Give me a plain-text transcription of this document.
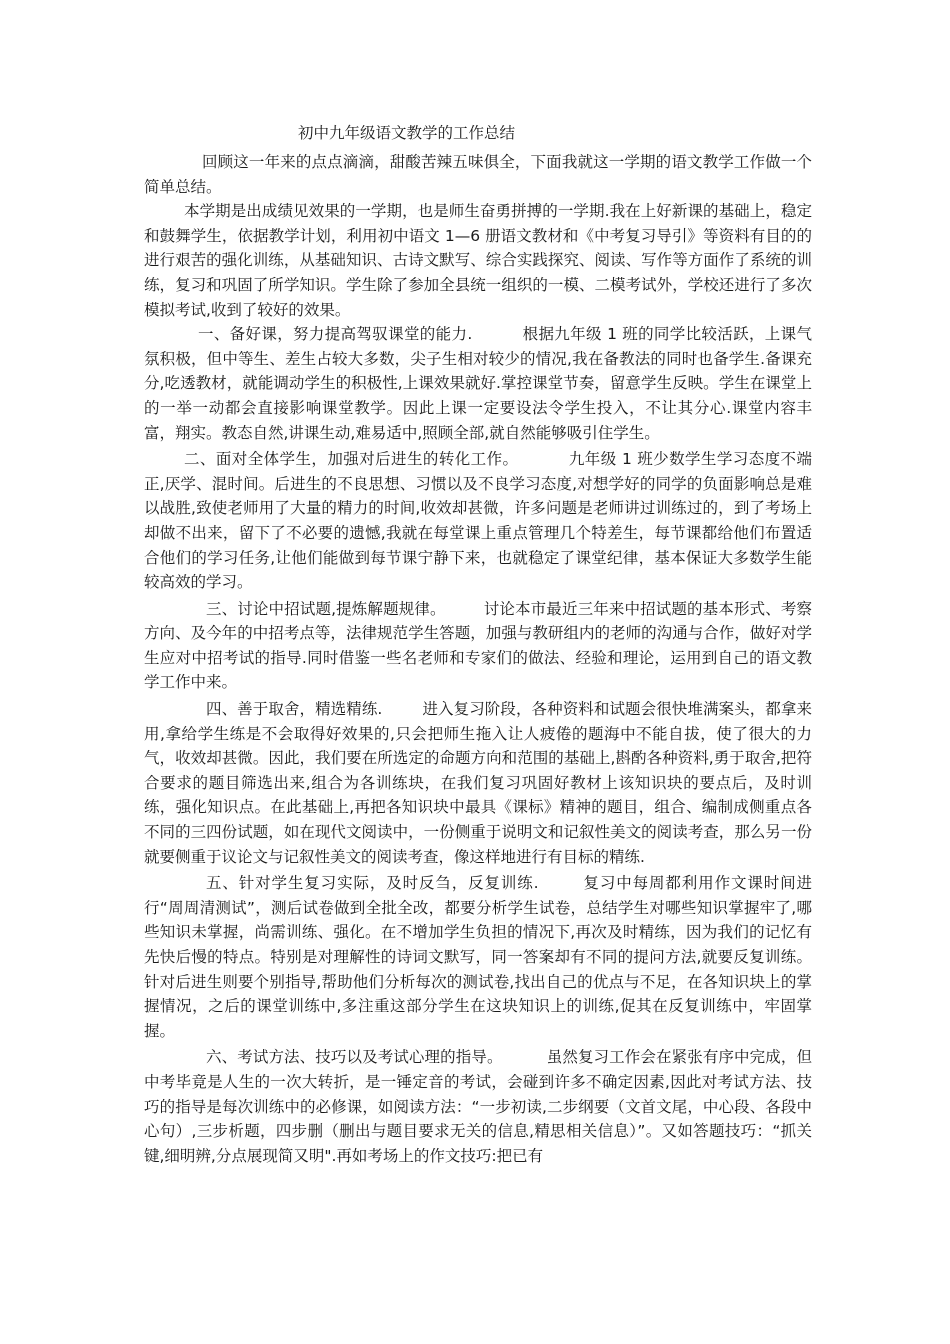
初中九年级语文教学的工作总结

回顾这一年来的点点滴滴，甜酸苦辣五味俱全，下面我就这一学期的语文教学工作做一个简单总结。

本学期是出成绩见效果的一学期，也是师生奋勇拼搏的一学期.我在上好新课的基础上，稳定和鼓舞学生，依据教学计划，利用初中语文 1—6 册语文教材和《中考复习导引》等资料有目的的进行艰苦的强化训练，从基础知识、古诗文默写、综合实践探究、阅读、写作等方面作了系统的训练，复习和巩固了所学知识。学生除了参加全县统一组织的一模、二模考试外，学校还进行了多次模拟考试,收到了较好的效果。

一、备好课，努力提高驾驭课堂的能力.	根据九年级 1 班的同学比较活跃，上课气氛积极，但中等生、差生占较大多数，尖子生相对较少的情况,我在备教法的同时也备学生.备课充分,吃透教材，就能调动学生的积极性,上课效果就好.掌控课堂节奏，留意学生反映。学生在课堂上的一举一动都会直接影响课堂教学。因此上课一定要设法令学生投入，不让其分心.课堂内容丰富，翔实。教态自然,讲课生动,难易适中,照顾全部,就自然能够吸引住学生。

二、面对全体学生，加强对后进生的转化工作。	九年级 1 班少数学生学习态度不端正,厌学、混时间。后进生的不良思想、习惯以及不良学习态度,对想学好的同学的负面影响总是难以战胜,致使老师用了大量的精力的时间,收效却甚微，许多问题是老师讲过训练过的，到了考场上却做不出来，留下了不必要的遗憾,我就在每堂课上重点管理几个特差生，每节课都给他们布置适合他们的学习任务,让他们能做到每节课宁静下来，也就稳定了课堂纪律，基本保证大多数学生能较高效的学习。

三、讨论中招试题,提炼解题规律。 讨论本市最近三年来中招试题的基本形式、考察方向、及今年的中招考点等，法律规范学生答题，加强与教研组内的老师的沟通与合作，做好对学生应对中招考试的指导.同时借鉴一些名老师和专家们的做法、经验和理论，运用到自己的语文教学工作中来。

四、善于取舍，精选精练.	进入复习阶段，各种资料和试题会很快堆满案头，都拿来用,拿给学生练是不会取得好效果的,只会把师生拖入让人疲倦的题海中不能自拔，使了很大的力气，收效却甚微。因此，我们要在所选定的命题方向和范围的基础上,斟酌各种资料,勇于取舍,把符合要求的题目筛选出来,组合为各训练块，在我们复习巩固好教材上该知识块的要点后，及时训练，强化知识点。在此基础上,再把各知识块中最具《课标》精神的题目，组合、编制成侧重点各不同的三四份试题，如在现代文阅读中，一份侧重于说明文和记叙性美文的阅读考查，那么另一份就要侧重于议论文与记叙性美文的阅读考查，像这样地进行有目标的精练.

五、针对学生复习实际，及时反刍，反复训练.	复习中每周都利用作文课时间进行“周周清测试”，测后试卷做到全批全改，都要分析学生试卷，总结学生对哪些知识掌握牢了,哪些知识未掌握，尚需训练、强化。在不增加学生负担的情况下,再次及时精练，因为我们的记忆有先快后慢的特点。特别是对理解性的诗词文默写，同一答案却有不同的提问方法,就要反复训练。针对后进生则要个别指导,帮助他们分析每次的测试卷,找出自己的优点与不足，在各知识块上的掌握情况，之后的课堂训练中,多注重这部分学生在这块知识上的训练,促其在反复训练中，牢固掌握。

六、考试方法、技巧以及考试心理的指导。	虽然复习工作会在紧张有序中完成，但中考毕竟是人生的一次大转折，是一锤定音的考试，会碰到许多不确定因素,因此对考试方法、技巧的指导是每次训练中的必修课，如阅读方法：“一步初读,二步纲要（文首文尾，中心段、各段中心句）,三步析题，四步删（删出与题目要求无关的信息,精思相关信息）”。又如答题技巧：“抓关键,细明辨,分点展现简又明".再如考场上的作文技巧:把已有
